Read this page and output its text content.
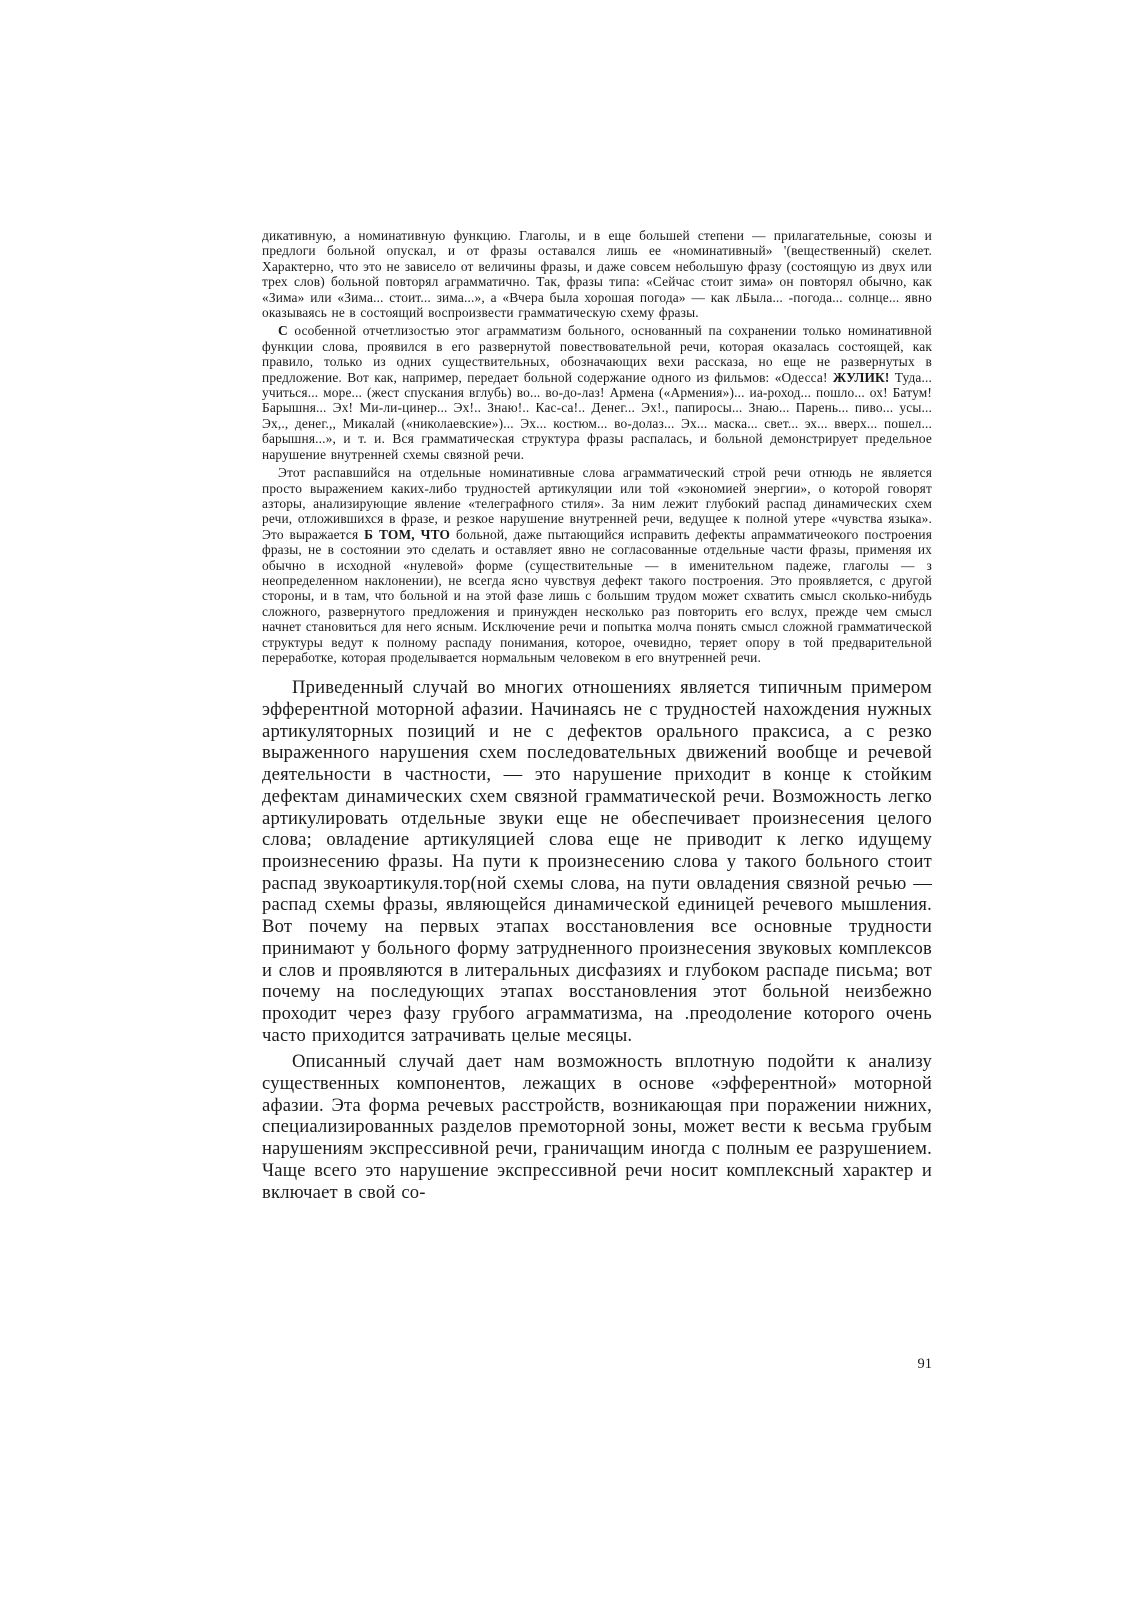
дикативную, а номинативную функцию. Глаголы, и в еще большей степени — прилагательные, союзы и предлоги больной опускал, и от фразы оставался лишь ее «номинативный» '(вещественный) скелет. Характерно, что это не зависело от величины фразы, и даже совсем небольшую фразу (состоящую из двух или трех слов) больной повторял аграмматично. Так, фразы типа: «Сейчас стоит зима» он повторял обычно, как «Зима» или «Зима... стоит... зима...», а «Вчера была хорошая погода» — как лБыла... -погода... солнце... явно оказываясь не в состоящий воспроизвести грамматическую схему фразы.

С особенной отчетлизостью этог аграмматизм больного, основанный па сохранении только номинативной функции слова, проявился в его развернутой повествовательной речи, которая оказалась состоящей, как правило, только из одних существительных, обозначающих вехи рассказа, но еще не развернутых в предложение. Вот как, например, передает больной содержание одного из фильмов: «Одесса! ЖУЛИК! Туда... учиться... море... (жест спускания вглубь) во... во-до-лаз! Армена («Армения»)... иа-роход... пошло... ох! Батум! Барышня... Эх! Ми-ли-цинер... Эх!.. Знаю!.. Кас-са!.. Денег... Эх!., папиросы... Знаю... Парень... пиво... усы... Эх,., денег.,, Микалай («николаевские»)... Эх... костюм... во-долаз... Эх... маска... свет... эх... вверх... пошел... барышня...», и т. и. Вся грамматическая структура фразы распалась, и больной демонстрирует предельное нарушение внутренней схемы связной речи.

Этот распавшийся на отдельные номинативные слова аграмматический строй речи отнюдь не является просто выражением каких-либо трудностей артикуляции или той «экономией энергии», о которой говорят азторы, анализирующие явление «телеграфного стиля». За ним лежит глубокий распад динамических схем речи, отложившихся в фразе, и резкое нарушение внутренней речи, ведущее к полной утере «чувства языка». Это выражается Б ТОМ, ЧТО больной, даже пытающийся исправить дефекты апрамматичеокого построения фразы, не в состоянии это сделать и оставляет явно не согласованные отдельные части фразы, применяя их обычно в исходной «нулевой» форме (существительные — в именительном падеже, глаголы — з неопределенном наклонении), не всегда ясно чувствуя дефект такого построения. Это проявляется, с другой стороны, и в там, что больной и на этой фазе лишь с большим трудом может схватить смысл сколько-нибудь сложного, развернутого предложения и принужден несколько раз повторить его вслух, прежде чем смысл начнет становиться для него ясным. Исключение речи и попытка молча понять смысл сложной грамматической структуры ведут к полному распаду понимания, которое, очевидно, теряет опору в той предварительной переработке, которая проделывается нормальным человеком в его внутренней речи.

Приведенный случай во многих отношениях является типичным примером эфферентной моторной афазии. Начинаясь не с трудностей нахождения нужных артикуляторных позиций и не с дефектов орального праксиса, а с резко выраженного нарушения схем последовательных движений вообще и речевой деятельности в частности, — это нарушение приходит в конце к стойким дефектам динамических схем связной грамматической речи. Возможность легко артикулировать отдельные звуки еще не обеспечивает произнесения целого слова; овладение артикуляцией слова еще не приводит к легко идущему произнесению фразы. На пути к произнесению слова у такого больного стоит распад звукоартикуля.тор(ной схемы слова, на пути овладения связной речью — распад схемы фразы, являющейся динамической единицей речевого мышления. Вот почему на первых этапах восстановления все основные трудности принимают у больного форму затрудненного произнесения звуковых комплексов и слов и проявляются в литеральных дисфазиях и глубоком распаде письма; вот почему на последующих этапах восстановления этот больной неизбежно проходит через фазу грубого аграмматизма, на .преодоление которого очень часто приходится затрачивать целые месяцы.

Описанный случай дает нам возможность вплотную подойти к анализу существенных компонентов, лежащих в основе «эфферентной» моторной афазии. Эта форма речевых расстройств, возникающая при поражении нижних, специализированных разделов премоторной зоны, может вести к весьма грубым нарушениям экспрессивной речи, граничащим иногда с полным ее разрушением. Чаще всего это нарушение экспрессивной речи носит комплексный характер и включает в свой со-

91
